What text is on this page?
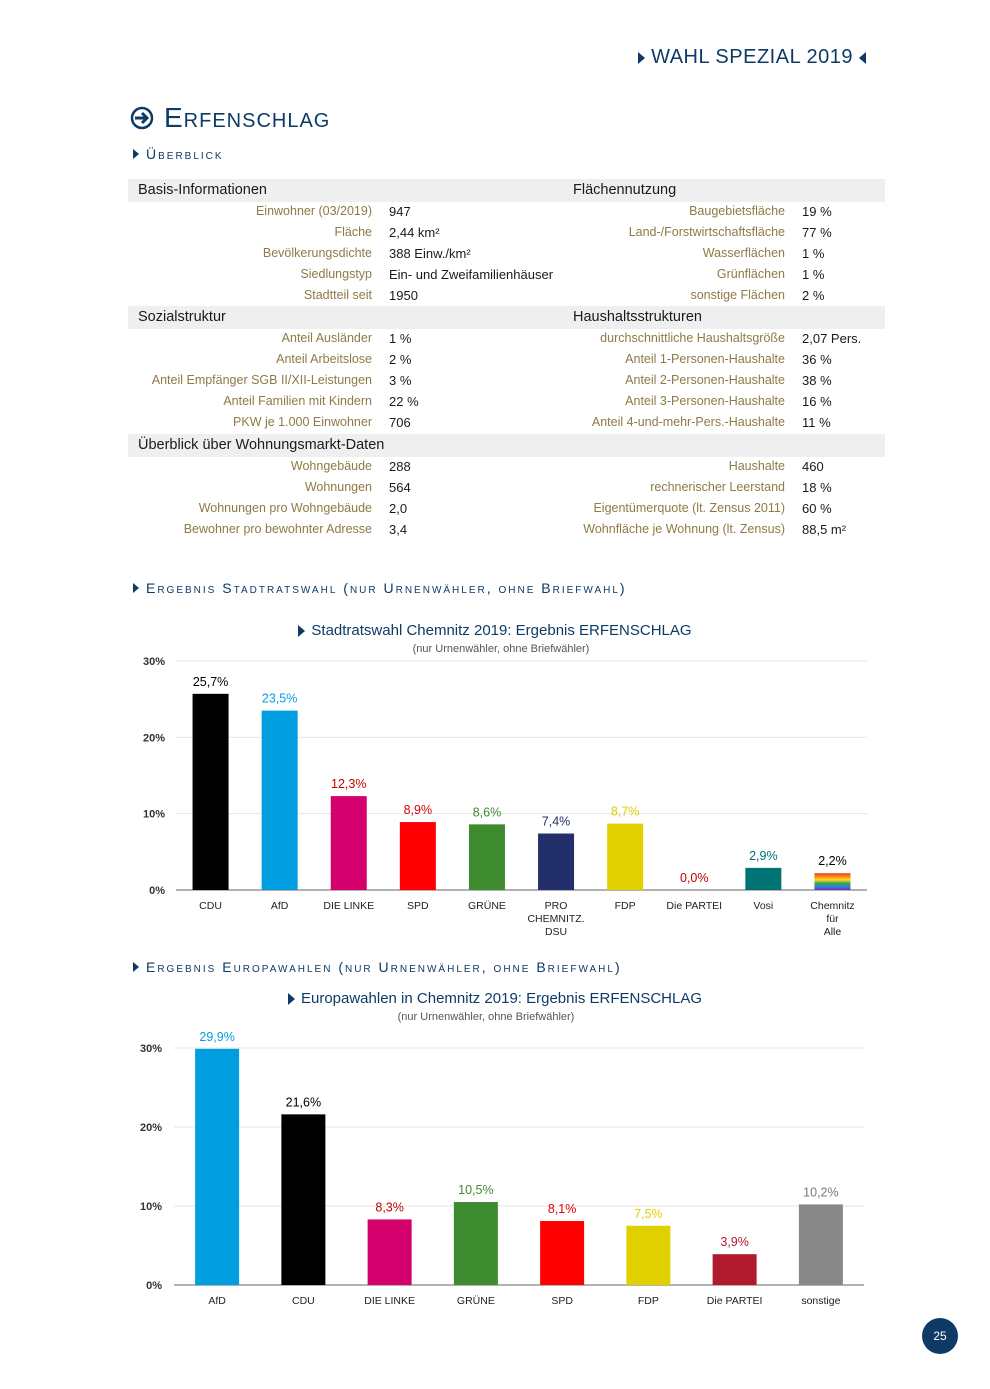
WAHL SPEZIAL 2019
Erfenschlag
Überblick
Basis-Informationen	Flächennutzung
Einwohner (03/2019) 947
Fläche 2,44 km²
Bevölkerungsdichte 388 Einw./km²
Siedlungstyp Ein- und Zweifamilienhäuser
Stadtteil seit 1950
Baugebietsfläche 19 %
Land-/Forstwirtschaftsfläche 77 %
Wasserflächen 1 %
Grünflächen 1 %
sonstige Flächen 2 %
Sozialstruktur	Haushaltsstrukturen
Anteil Ausländer 1 %
Anteil Arbeitslose 2 %
Anteil Empfänger SGB II/XII-Leistungen 3 %
Anteil Familien mit Kindern 22 %
PKW je 1.000 Einwohner 706
durchschnittliche Haushaltsgröße 2,07 Pers.
Anteil 1-Personen-Haushalte 36 %
Anteil 2-Personen-Haushalte 38 %
Anteil 3-Personen-Haushalte 16 %
Anteil 4-und-mehr-Pers.-Haushalte 11 %
Überblick über Wohnungsmarkt-Daten
Wohngebäude 288
Wohnungen 564
Wohnungen pro Wohngebäude 2,0
Bewohner pro bewohnter Adresse 3,4
Haushalte 460
rechnerischer Leerstand 18 %
Eigentümerquote (lt. Zensus 2011) 60 %
Wohnfläche je Wohnung (lt. Zensus) 88,5 m²
Ergebnis Stadtratswahl (nur Urnenwähler, ohne Briefwahl)
Stadtratswahl Chemnitz 2019: Ergebnis ERFENSCHLAG
(nur Urnenwähler, ohne Briefwähler)
0%
10%
20%
30%
25,7%
CDU
23,5%
AfD
12,3%
DIE LINKE
8,9%
SPD
8,6%
GRÜNE
7,4%
PRO CHEMNITZ. DSU
8,7%
FDP
0,0%
Die PARTEI
2,9%
Vosi
2,2%
Chemnitz für Alle
Ergebnis Europawahlen (nur Urnenwähler, ohne Briefwahl)
Europawahlen in Chemnitz 2019: Ergebnis ERFENSCHLAG
(nur Urnenwähler, ohne Briefwähler)
0%
10%
20%
30%
29,9%
AfD
21,6%
CDU
8,3%
DIE LINKE
10,5%
GRÜNE
8,1%
SPD
7,5%
FDP
3,9%
Die PARTEI
10,2%
sonstige
25
